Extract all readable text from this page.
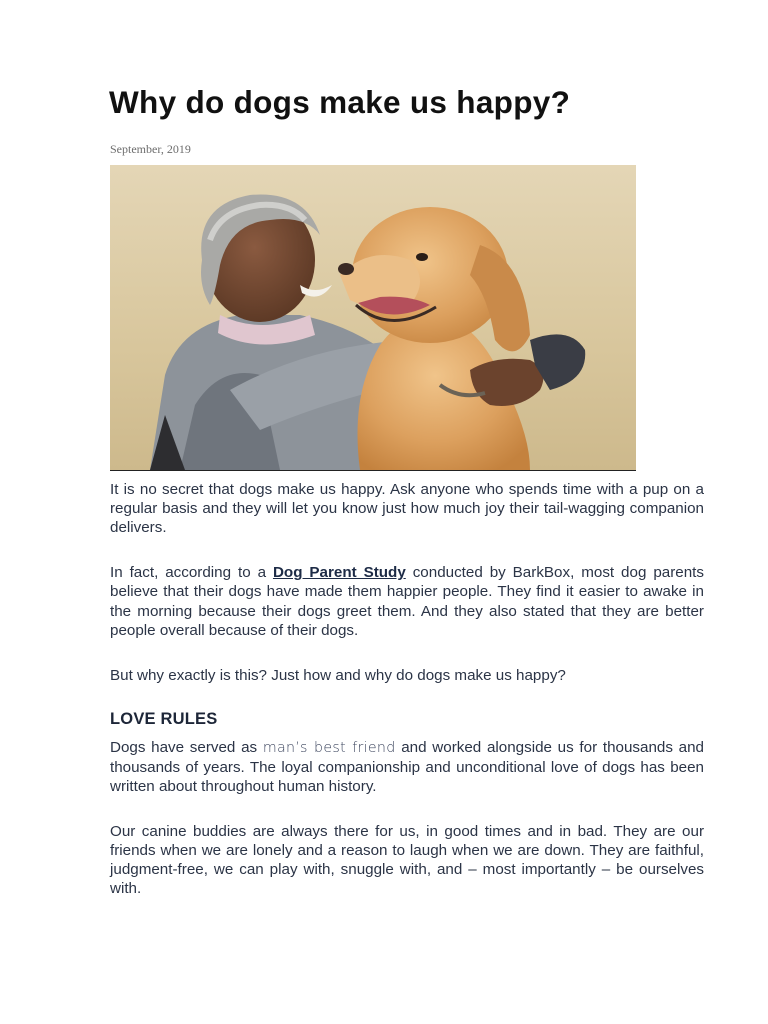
Why do dogs make us happy?
September, 2019

It is no secret that dogs make us happy. Ask anyone who spends time with a pup on a regular basis and they will let you know just how much joy their tail-wagging companion delivers.

In fact, according to a Dog Parent Study conducted by BarkBox, most dog parents believe that their dogs have made them happier people. They find it easier to awake in the morning because their dogs greet them. And they also stated that they are better people overall because of their dogs.

But why exactly is this? Just how and why do dogs make us happy?

LOVE RULES

Dogs have served as man’s best friend and worked alongside us for thousands and thousands of years. The loyal companionship and unconditional love of dogs has been written about throughout human history.

Our canine buddies are always there for us, in good times and in bad. They are our friends when we are lonely and a reason to laugh when we are down. They are faithful, judgment-free, we can play with, snuggle with, and – most importantly – be ourselves with.
